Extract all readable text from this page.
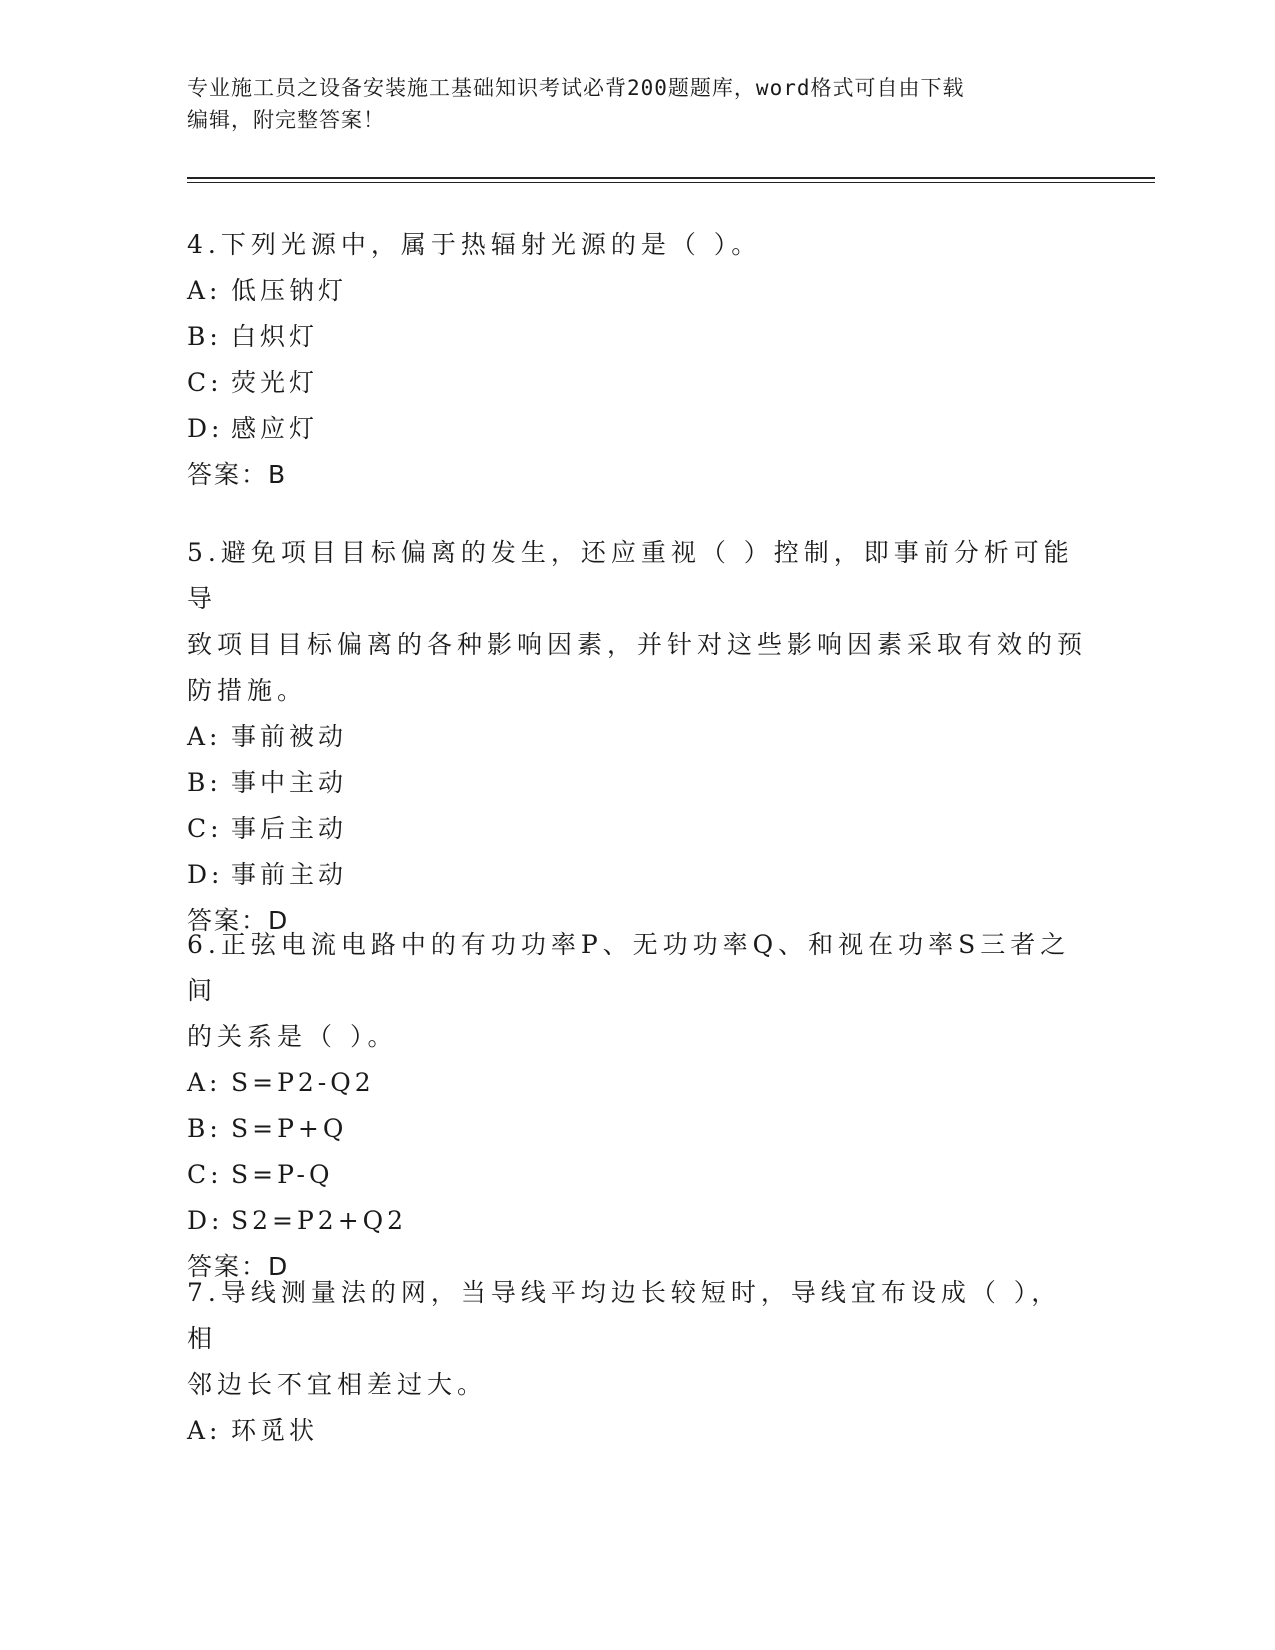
专业施工员之设备安装施工基础知识考试必背200题题库，word格式可自由下载
编辑，附完整答案！

4.下列光源中，属于热辐射光源的是（ ）。

A: 低压钠灯

B: 白炽灯

C: 荧光灯

D: 感应灯

答案：B

5.避免项目目标偏离的发生，还应重视（ ）控制，即事前分析可能导

致项目目标偏离的各种影响因素，并针对这些影响因素采取有效的预

防措施。

A: 事前被动

B: 事中主动

C: 事后主动

D: 事前主动

答案：D

6.正弦电流电路中的有功功率P、无功功率Q、和视在功率S三者之间

的关系是（ ）。

A: S=P2-Q2

B: S=P+Q

C: S=P-Q

D: S2=P2+Q2

答案：D

7.导线测量法的网，当导线平均边长较短时，导线宜布设成（ ），相

邻边长不宜相差过大。

A: 环觅状
